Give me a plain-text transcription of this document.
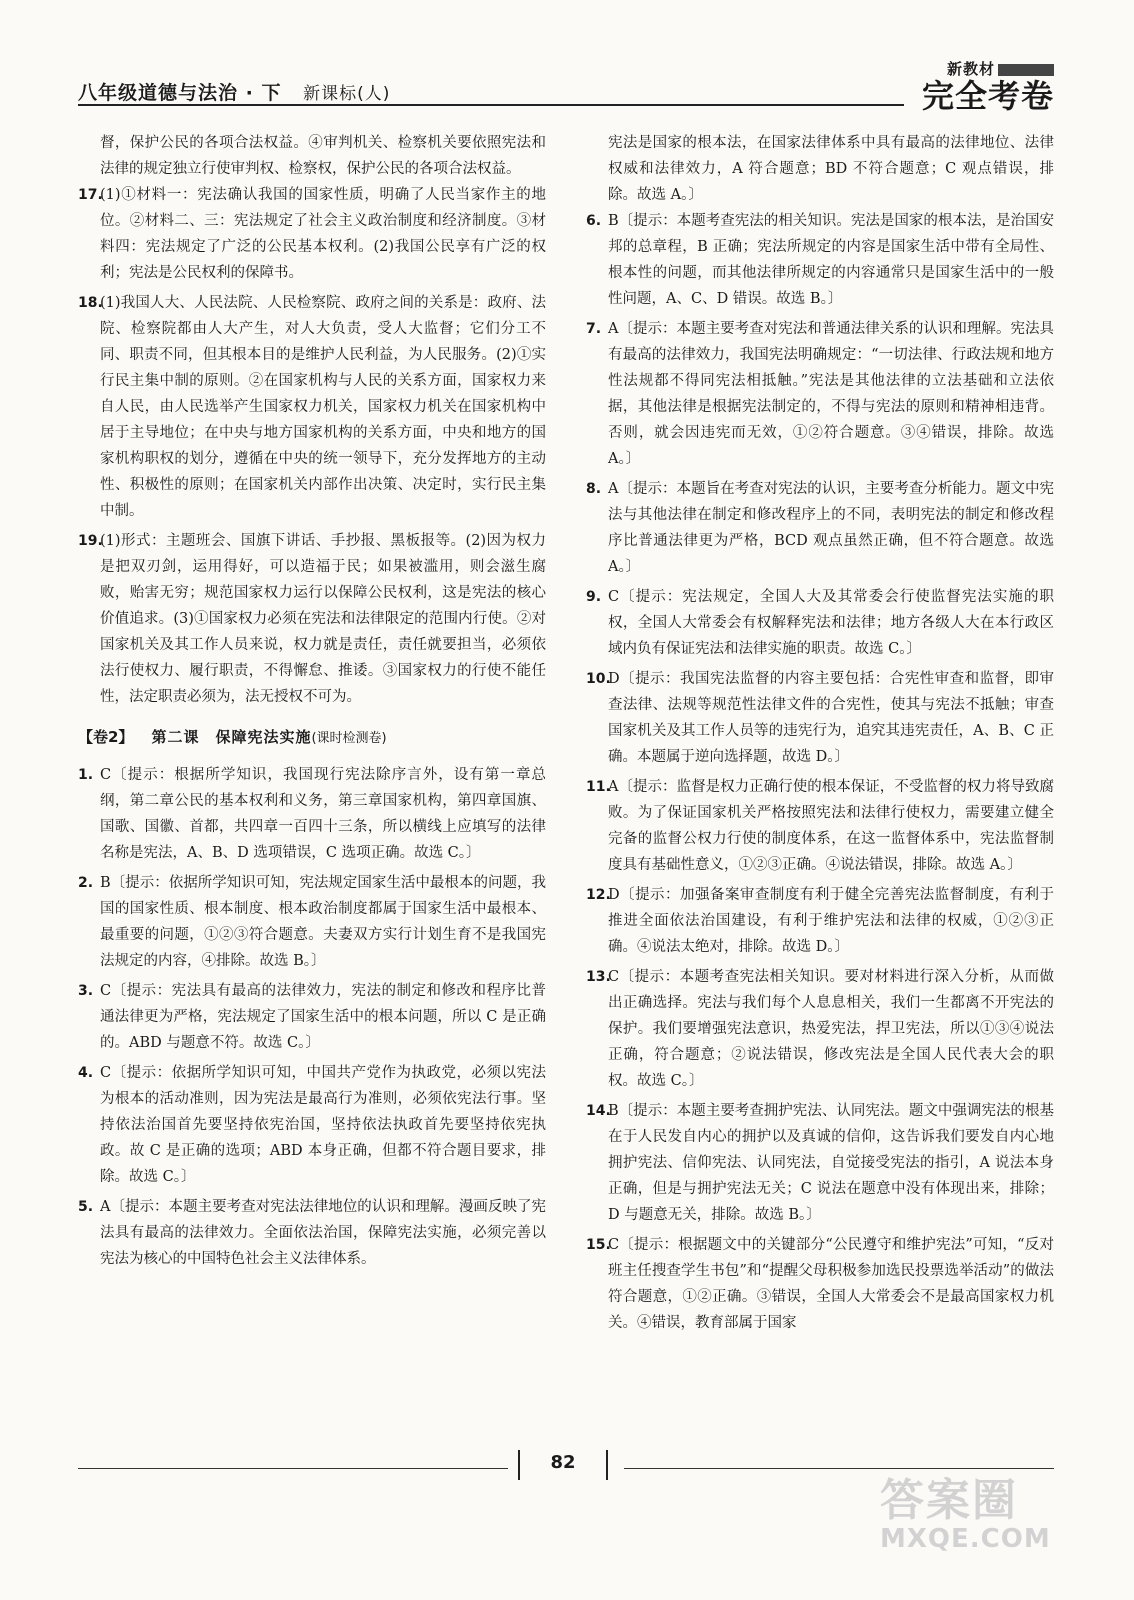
八年级道德与法治 · 下 新课标(人)
新教材
完全考卷

督，保护公民的各项合法权益。④审判机关、检察机关要依照宪法和法律的规定独立行使审判权、检察权，保护公民的各项合法权益。

17.

(1)①材料一：宪法确认我国的国家性质，明确了人民当家作主的地位。②材料二、三：宪法规定了社会主义政治制度和经济制度。③材料四：宪法规定了广泛的公民基本权利。(2)我国公民享有广泛的权利；宪法是公民权利的保障书。

18.

(1)我国人大、人民法院、人民检察院、政府之间的关系是：政府、法院、检察院都由人大产生，对人大负责，受人大监督；它们分工不同、职责不同，但其根本目的是维护人民利益，为人民服务。(2)①实行民主集中制的原则。②在国家机构与人民的关系方面，国家权力来自人民，由人民选举产生国家权力机关，国家权力机关在国家机构中居于主导地位；在中央与地方国家机构的关系方面，中央和地方的国家机构职权的划分，遵循在中央的统一领导下，充分发挥地方的主动性、积极性的原则；在国家机关内部作出决策、决定时，实行民主集中制。

19.

(1)形式：主题班会、国旗下讲话、手抄报、黑板报等。(2)因为权力是把双刃剑，运用得好，可以造福于民；如果被滥用，则会滋生腐败，贻害无穷；规范国家权力运行以保障公民权利，这是宪法的核心价值追求。(3)①国家权力必须在宪法和法律限定的范围内行使。②对国家机关及其工作人员来说，权力就是责任，责任就要担当，必须依法行使权力、履行职责，不得懈怠、推诿。③国家权力的行使不能任性，法定职责必须为，法无授权不可为。

【卷2】 第二课　保障宪法实施(课时检测卷)
1. C〔提示：根据所学知识，我国现行宪法除序言外，设有第一章总纲，第二章公民的基本权利和义务，第三章国家机构，第四章国旗、国歌、国徽、首都，共四章一百四十三条，所以横线上应填写的法律名称是宪法，A、B、D 选项错误，C 选项正确。故选 C。〕

2. B〔提示：依据所学知识可知，宪法规定国家生活中最根本的问题，我国的国家性质、根本制度、根本政治制度都属于国家生活中最根本、最重要的问题，①②③符合题意。夫妻双方实行计划生育不是我国宪法规定的内容，④排除。故选 B。〕

3. C〔提示：宪法具有最高的法律效力，宪法的制定和修改和程序比普通法律更为严格，宪法规定了国家生活中的根本问题，所以 C 是正确的。ABD 与题意不符。故选 C。〕

4. C〔提示：依据所学知识可知，中国共产党作为执政党，必须以宪法为根本的活动准则，因为宪法是最高行为准则，必须依宪法行事。坚持依法治国首先要坚持依宪治国，坚持依法执政首先要坚持依宪执政。故 C 是正确的选项；ABD 本身正确，但都不符合题目要求，排除。故选 C。〕

5. A〔提示：本题主要考查对宪法法律地位的认识和理解。漫画反映了宪法具有最高的法律效力。全面依法治国，保障宪法实施，必须完善以宪法为核心的中国特色社会主义法律体系。

宪法是国家的根本法，在国家法律体系中具有最高的法律地位、法律权威和法律效力，A 符合题意；BD 不符合题意；C 观点错误，排除。故选 A。〕

6. B〔提示：本题考查宪法的相关知识。宪法是国家的根本法，是治国安邦的总章程，B 正确；宪法所规定的内容是国家生活中带有全局性、根本性的问题，而其他法律所规定的内容通常只是国家生活中的一般性问题，A、C、D 错误。故选 B。〕

7. A〔提示：本题主要考查对宪法和普通法律关系的认识和理解。宪法具有最高的法律效力，我国宪法明确规定：“一切法律、行政法规和地方性法规都不得同宪法相抵触。”宪法是其他法律的立法基础和立法依据，其他法律是根据宪法制定的，不得与宪法的原则和精神相违背。否则，就会因违宪而无效，①②符合题意。③④错误，排除。故选 A。〕

8. A〔提示：本题旨在考查对宪法的认识，主要考查分析能力。题文中宪法与其他法律在制定和修改程序上的不同，表明宪法的制定和修改程序比普通法律更为严格，BCD 观点虽然正确，但不符合题意。故选 A。〕

9. C〔提示：宪法规定，全国人大及其常委会行使监督宪法实施的职权，全国人大常委会有权解释宪法和法律；地方各级人大在本行政区域内负有保证宪法和法律实施的职责。故选 C。〕

10.

D〔提示：我国宪法监督的内容主要包括：合宪性审查和监督，即审查法律、法规等规范性法律文件的合宪性，使其与宪法不抵触；审查国家机关及其工作人员等的违宪行为，追究其违宪责任，A、B、C 正确。本题属于逆向选择题，故选 D。〕

11.

A〔提示：监督是权力正确行使的根本保证，不受监督的权力将导致腐败。为了保证国家机关严格按照宪法和法律行使权力，需要建立健全完备的监督公权力行使的制度体系，在这一监督体系中，宪法监督制度具有基础性意义，①②③正确。④说法错误，排除。故选 A。〕

12.

D〔提示：加强备案审查制度有利于健全完善宪法监督制度，有利于推进全面依法治国建设，有利于维护宪法和法律的权威，①②③正确。④说法太绝对，排除。故选 D。〕

13.

C〔提示：本题考查宪法相关知识。要对材料进行深入分析，从而做出正确选择。宪法与我们每个人息息相关，我们一生都离不开宪法的保护。我们要增强宪法意识，热爱宪法，捍卫宪法，所以①③④说法正确，符合题意；②说法错误，修改宪法是全国人民代表大会的职权。故选 C。〕

14.

B〔提示：本题主要考查拥护宪法、认同宪法。题文中强调宪法的根基在于人民发自内心的拥护以及真诚的信仰，这告诉我们要发自内心地拥护宪法、信仰宪法、认同宪法，自觉接受宪法的指引，A 说法本身正确，但是与拥护宪法无关；C 说法在题意中没有体现出来，排除；D 与题意无关，排除。故选 B。〕

15.

C〔提示：根据题文中的关键部分“公民遵守和维护宪法”可知，“反对班主任搜查学生书包”和“提醒父母积极参加选民投票选举活动”的做法符合题意，①②正确。③错误，全国人大常委会不是最高国家权力机关。④错误，教育部属于国家

82
答案圈
MXQE.COM
